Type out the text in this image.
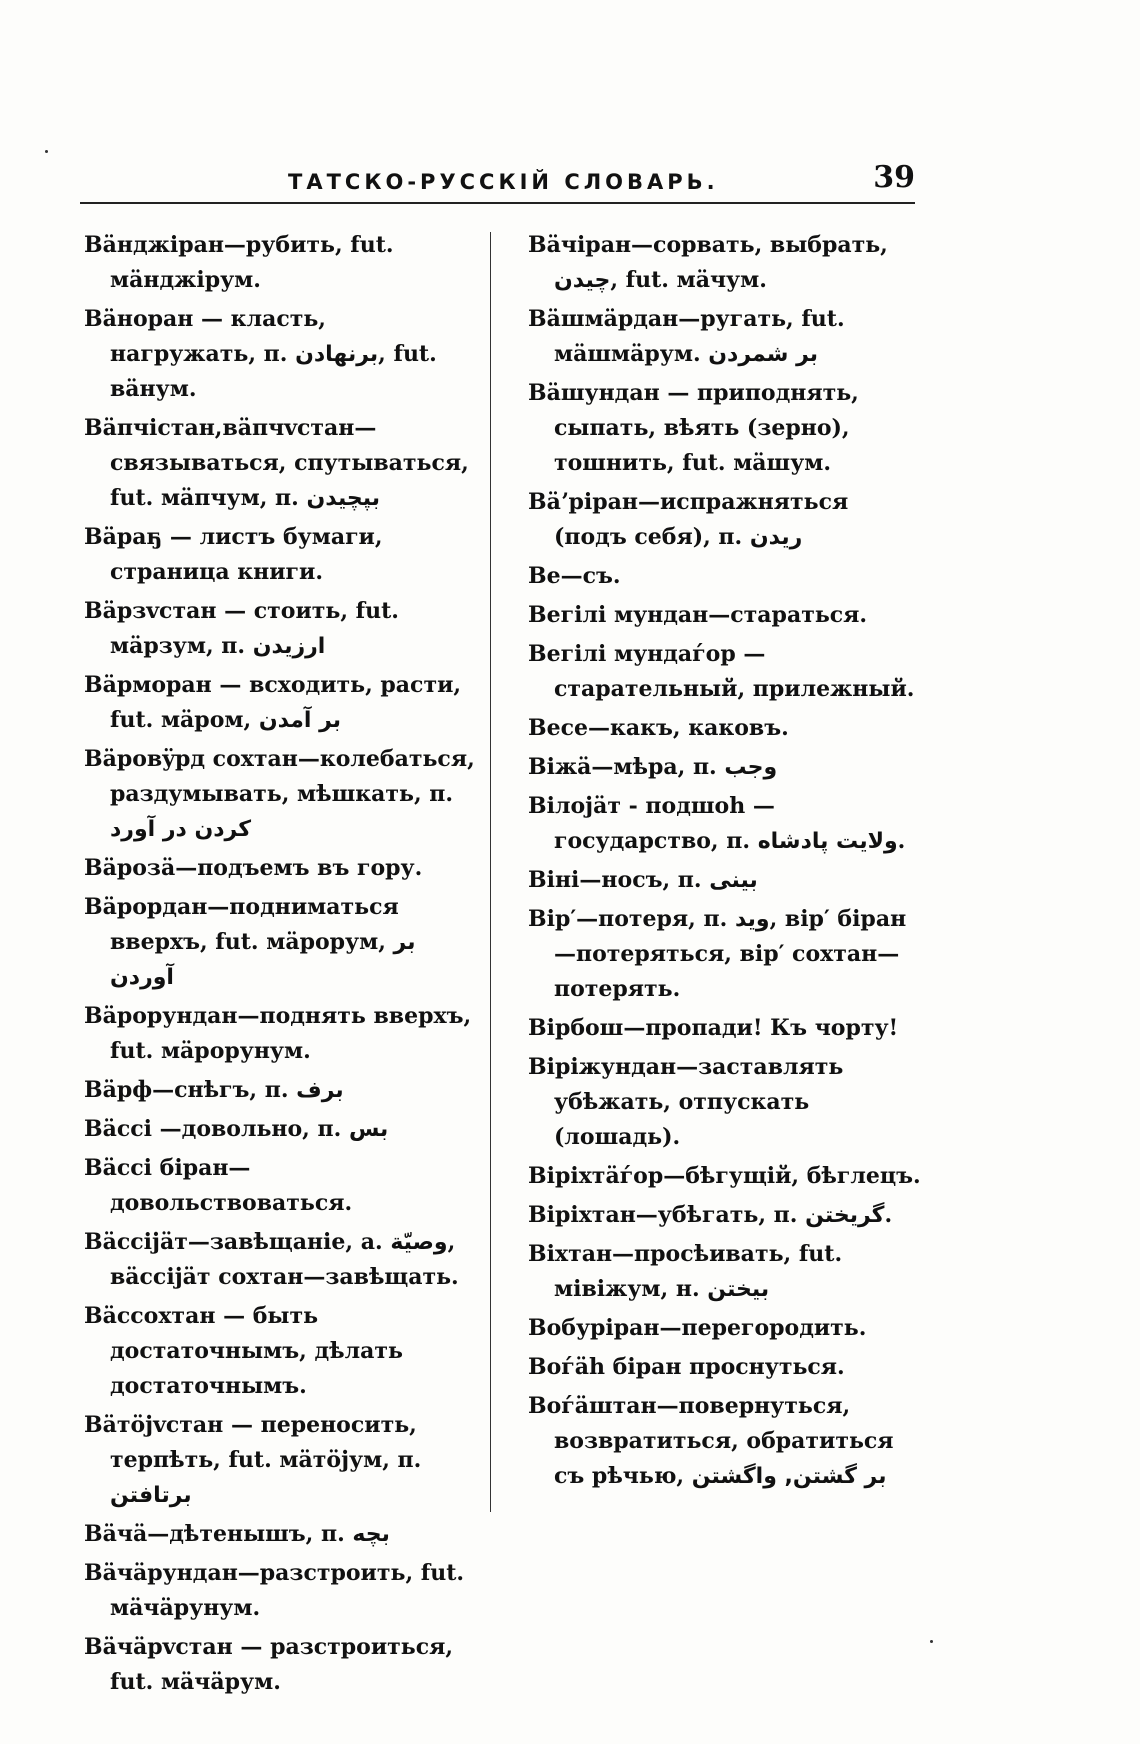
ТАТСКО-РУССКIЙ СЛОВАРЬ.	39

Вäнджiран—рубить, fut. мäнджiрум.

Вäноран — класть, нагружать, п. برنهادن, fut. вäнум.

Вäпчiстан,вäпчvстан—связываться, спутываться, fut. мäпчум, п. بپچيدن

Вäраҕ — листъ бумаги, страница книги.

Вäрзvстан — стоить, fut. мäрзум, п. ارزيدن

Вäрморан — всходить, расти, fut. мäром, بر آمدن

Вäровÿрд сохтан—колебаться, раздумывать, мѣшкать, п. كردن در آورد

Вäрозä—подъемъ въ гору.

Вäрордан—подниматься вверхъ, fut. мäрорум, بر آوردن

Вäрорундан—поднять вверхъ, fut. мäрорунум.

Вäрф—снѣгъ, п. برف

Вäссi —довольно, п. بس

Вäссi біран—довольствоваться.

Вäссiјäт—завѣщанiе, а. وصيّة, вäссiјäт сохтан—завѣщать.

Вäссохтан — быть достаточнымъ, дѣлать достаточнымъ.

Вäтöјvстан — переносить, терпѣть, fut. мäтöјум, п. برتافتن

Вäчä—дѣтенышъ, п. بچه

Вäчäрундан—разстроить, fut. мäчäрунум.

Вäчäрvстан — разстроиться, fut. мäчäрум.

Вäчiран—сорвать, выбрать, چيدن, fut. мäчум.

Вäшмäрдан—ругать, fut. мäшмäрум. بر شمردن

Вäшундан — приподнять, сыпать, вѣять (зерно), тошнить, fut. мäшум.

Вäʼрiран—испражняться (подъ себя), п. ريدن

Ве—съ.

Вегiлi мундан—стараться.

Вегiлi мундаѓор — старательный, прилежный.

Весе—какъ, каковъ.

Вiжä—мѣра, п. وجب

Вiлојäт - подшоһ —государство, п. ولايت پادشاه.

Вiнi—носъ, п. بينى

Вiр′—потеря, п. ويد, вiр′ біран—потеряться, вiр′ сохтан—потерять.

Вiрбош—пропади! Къ чорту!

Вiрiжундан—заставлять убѣжать, отпускать (лошадь).

Вiрiхтäѓор—бѣгущiй, бѣглецъ.

Вiрiхтан—убѣгать, п. گريختن.

Вiхтан—просѣивать, fut. мiвiжум, н. بيختن

Вобурiран—перегородить.

Воѓäһ біран проснуться.

Воѓäштан—повернуться, возвратиться, обратиться съ рѣчью, بر گشتن, واگشتن
